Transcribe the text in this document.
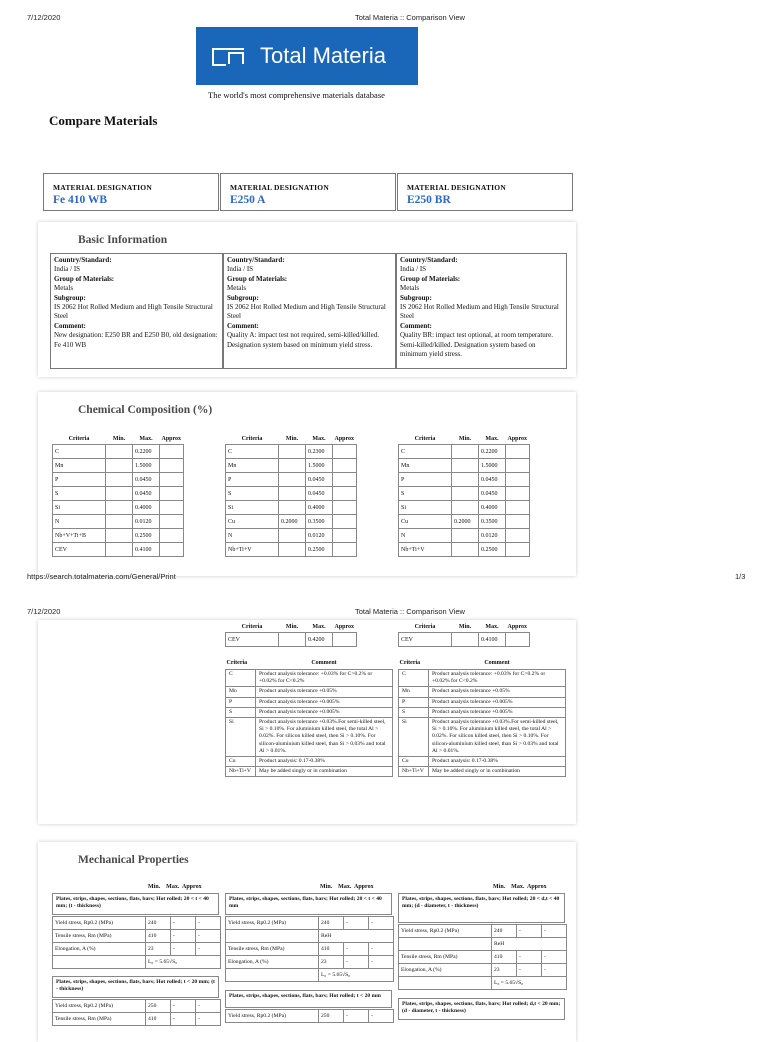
7/12/2020	Total Materia :: Comparison View
Total Materia
The world's most comprehensive materials database
Compare Materials
MATERIAL DESIGNATION
Fe 410 WB
MATERIAL DESIGNATION
E250 A
MATERIAL DESIGNATION
E250 BR
Basic Information
Country/Standard:
India / IS
Group of Materials:
Metals
Subgroup:
IS 2062 Hot Rolled Medium and High Tensile Structural Steel
Comment:
New designation: E250 BR and E250 B0, old designation: Fe 410 WB
Country/Standard:
India / IS
Group of Materials:
Metals
Subgroup:
IS 2062 Hot Rolled Medium and High Tensile Structural Steel
Comment:
Quality A: impact test not required, semi-killed/killed. Designation system based on minimum yield stress.
Country/Standard:
India / IS
Group of Materials:
Metals
Subgroup:
IS 2062 Hot Rolled Medium and High Tensile Structural Steel
Comment:
Quality BR: impact test optional, at room temperature. Semi-killed/killed. Designation system based on minimum yield stress.
Chemical Composition (%)
Criteria	Min.	Max.	Approx
C		0.2200	
Mn		1.5000	
P		0.0450	
S		0.0450	
Si		0.4000	
N		0.0120	
Nb+V+Ti+B		0.2500	
CEV		0.4100	
Criteria	Min.	Max.	Approx
C		0.2300	
Mn		1.5000	
P		0.0450	
S		0.0450	
Si		0.4000	
Cu	0.2000	0.3500	
N		0.0120	
Nb+Ti+V		0.2500	
Criteria	Min.	Max.	Approx
C		0.2200	
Mn		1.5000	
P		0.0450	
S		0.0450	
Si		0.4000	
Cu	0.2000	0.3500	
N		0.0120	
Nb+Ti+V		0.2500	
https://search.totalmateria.com/General/Print	1/3
7/12/2020	Total Materia :: Comparison View
Criteria	Min.	Max.	Approx
CEV		0.4200	
Criteria	Min.	Max.	Approx
CEV		0.4100	
Criteria	Comment
C	Product analysis tolerance: +0.03% for C>0.2% or +0.02% for C<0.2%
Mn	Product analysis tolerance +0.05%
P	Product analysis tolerance +0.005%
S	Product analysis tolerance +0.005%
Si	Product analysis tolerance +0.03%.For semi-killed steel, Si > 0.10%. For aluminium killed steel, the total Al > 0.02%. For silicon killed steel, then Si > 0.10%. For silicon-aluminium killed steel, than Si > 0.03% and total Al > 0.01%.
Cu	Product analysis: 0.17-0.38%
Nb+Ti+V	May be added singly or in combination
Criteria	Comment
C	Product analysis tolerance: +0.03% for C>0.2% or +0.02% for C<0.2%
Mn	Product analysis tolerance +0.05%
P	Product analysis tolerance +0.005%
S	Product analysis tolerance +0.005%
Si	Product analysis tolerance +0.03%.For semi-killed steel, Si > 0.10%. For aluminium killed steel, the total Al > 0.02%. For silicon killed steel, then Si > 0.10%. For silicon-aluminium killed steel, than Si > 0.03% and total Al > 0.01%.
Cu	Product analysis: 0.17-0.38%
Nb+Ti+V	May be added singly or in combination
Mechanical Properties
Min. Max. Approx
Plates, strips, shapes, sections, flats, bars; Hot rolled; 20 < t < 40 mm; (t - thickness)
Yield stress, Rp0.2 (MPa)	240	-	-
Tensile stress, Rm (MPa)	410	-	-
Elongation, A (%)	23	-	-
	L₀ = 5.65√S₀		
Plates, strips, shapes, sections, flats, bars; Hot rolled; t < 20 mm; (t - thickness)
Yield stress, Rp0.2 (MPa)	250	-	-
Tensile stress, Rm (MPa)	410	-	-
Min. Max. Approx
Plates, strips, shapes, sections, flats, bars; Hot rolled; 20 < t < 40 mm
Yield stress, Rp0.2 (MPa)	240	-	-
	ReH		
Tensile stress, Rm (MPa)	410	-	-
Elongation, A (%)	23	-	-
	L₀ = 5.65√S₀		
Plates, strips, shapes, sections, flats, bars; Hot rolled; t < 20 mm
Yield stress, Rp0.2 (MPa)	250	-	-
Min. Max. Approx
Plates, strips, shapes, sections, flats, bars; Hot rolled; 20 < d,t < 40 mm; (d - diameter, t - thickness)
Yield stress, Rp0.2 (MPa)	240	-	-
	ReH		
Tensile stress, Rm (MPa)	410	-	-
Elongation, A (%)	23	-	-
	L₀ = 5.65√S₀		
Plates, strips, shapes, sections, flats, bars; Hot rolled; d,t < 20 mm; (d - diameter, t - thickness)
